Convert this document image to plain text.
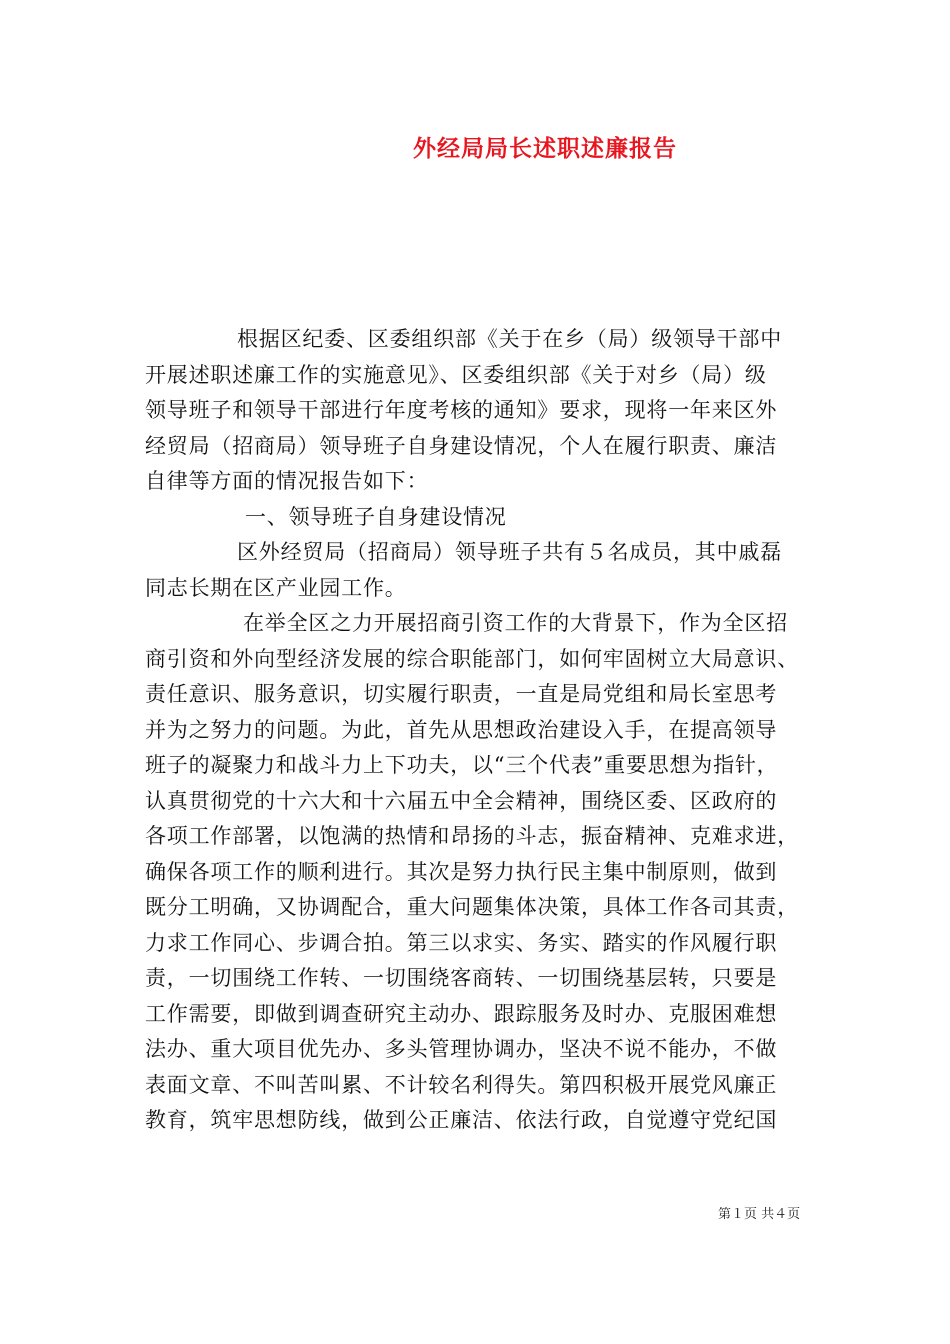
外经局局长述职述廉报告
根据区纪委、区委组织部《关于在乡（局）级领导干部中
开展述职述廉工作的实施意见》、区委组织部《关于对乡（局）级
领导班子和领导干部进行年度考核的通知》要求，现将一年来区外
经贸局（招商局）领导班子自身建设情况，个人在履行职责、廉洁
自律等方面的情况报告如下：
一、领导班子自身建设情况
区外经贸局（招商局）领导班子共有５名成员，其中戚磊
同志长期在区产业园工作。
在举全区之力开展招商引资工作的大背景下，作为全区招
商引资和外向型经济发展的综合职能部门，如何牢固树立大局意识、
责任意识、服务意识，切实履行职责，一直是局党组和局长室思考
并为之努力的问题。为此，首先从思想政治建设入手，在提高领导
班子的凝聚力和战斗力上下功夫，以“三个代表”重要思想为指针，
认真贯彻党的十六大和十六届五中全会精神，围绕区委、区政府的
各项工作部署，以饱满的热情和昂扬的斗志，振奋精神、克难求进，
确保各项工作的顺利进行。其次是努力执行民主集中制原则，做到
既分工明确，又协调配合，重大问题集体决策，具体工作各司其责，
力求工作同心、步调合拍。第三以求实、务实、踏实的作风履行职
责，一切围绕工作转、一切围绕客商转、一切围绕基层转，只要是
工作需要，即做到调查研究主动办、跟踪服务及时办、克服困难想
法办、重大项目优先办、多头管理协调办，坚决不说不能办，不做
表面文章、不叫苦叫累、不计较名利得失。第四积极开展党风廉正
教育，筑牢思想防线，做到公正廉洁、依法行政，自觉遵守党纪国
第１页 共４页
